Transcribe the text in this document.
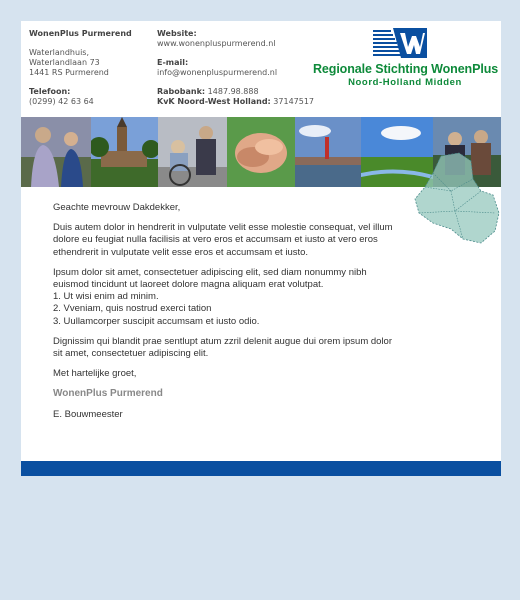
WonenPlus Purmerend
Waterlandhuis,
Waterlandlaan 73
1441 RS Purmerend
Telefoon:
(0299) 42 63 64
Website:
www.wonenpluspurmerend.nl
E-mail:
info@wonenpluspurmerend.nl
Rabobank: 1487.98.888
KvK Noord-West Holland: 37147517
Regionale Stichting WonenPlus
Noord-Holland Midden

Geachte mevrouw Dakdekker,

Duis autem dolor in hendrerit in vulputate velit esse molestie consequat, vel illum dolore eu feugiat nulla facilisis at vero eros et accumsam et iusto at vero eros ethendrerit in vulputate velit esse eros et accumsam et iusto.

Ipsum dolor sit amet, consectetuer adipiscing elit, sed diam nonummy nibh euismod tincidunt ut laoreet dolore magna aliquam erat volutpat.
1. Ut wisi enim ad minim.
2. Vveniam, quis nostrud exerci tation
3. Uullamcorper suscipit accumsam et iusto odio.

Dignissim qui blandit prae sentlupt atum zzril delenit augue dui orem ipsum dolor sit amet, consectetuer adipiscing elit.

Met hartelijke groet,

WonenPlus Purmerend

E. Bouwmeester
